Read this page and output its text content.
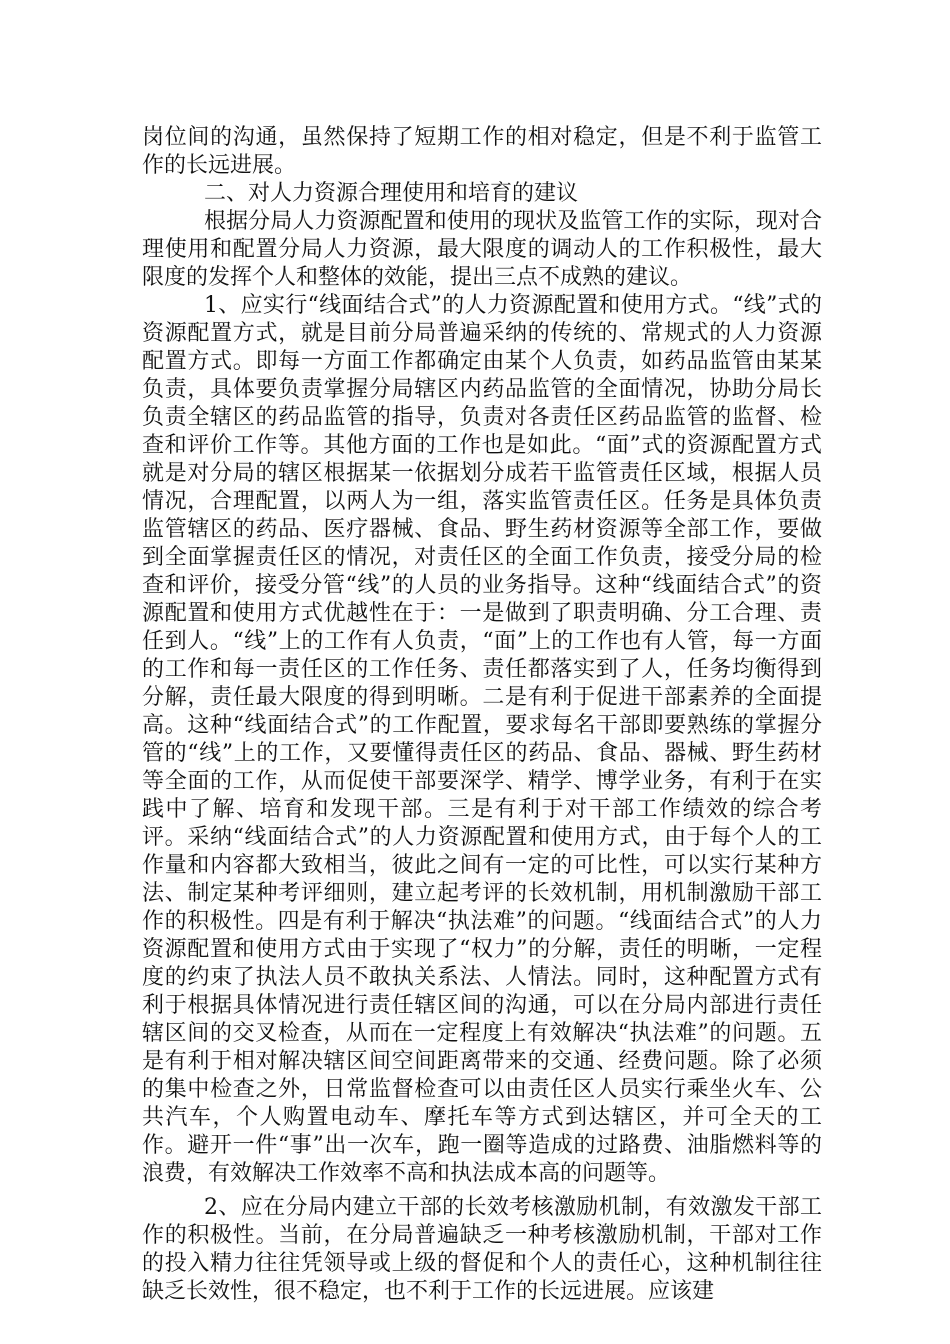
岗位间的沟通，虽然保持了短期工作的相对稳定，但是不利于监管工作的长远进展。

二、对人力资源合理使用和培育的建议

根据分局人力资源配置和使用的现状及监管工作的实际，现对合理使用和配置分局人力资源，最大限度的调动人的工作积极性，最大限度的发挥个人和整体的效能，提出三点不成熟的建议。

1、应实行“线面结合式”的人力资源配置和使用方式。“线”式的资源配置方式，就是目前分局普遍采纳的传统的、常规式的人力资源配置方式。即每一方面工作都确定由某个人负责，如药品监管由某某负责，具体要负责掌握分局辖区内药品监管的全面情况，协助分局长负责全辖区的药品监管的指导，负责对各责任区药品监管的监督、检查和评价工作等。其他方面的工作也是如此。“面”式的资源配置方式就是对分局的辖区根据某一依据划分成若干监管责任区域，根据人员情况，合理配置，以两人为一组，落实监管责任区。任务是具体负责监管辖区的药品、医疗器械、食品、野生药材资源等全部工作，要做到全面掌握责任区的情况，对责任区的全面工作负责，接受分局的检查和评价，接受分管“线”的人员的业务指导。这种“线面结合式”的资源配置和使用方式优越性在于：一是做到了职责明确、分工合理、责任到人。“线”上的工作有人负责，“面”上的工作也有人管，每一方面的工作和每一责任区的工作任务、责任都落实到了人，任务均衡得到分解，责任最大限度的得到明晰。二是有利于促进干部素养的全面提高。这种“线面结合式”的工作配置，要求每名干部即要熟练的掌握分管的“线”上的工作，又要懂得责任区的药品、食品、器械、野生药材等全面的工作，从而促使干部要深学、精学、博学业务，有利于在实践中了解、培育和发现干部。三是有利于对干部工作绩效的综合考评。采纳“线面结合式”的人力资源配置和使用方式，由于每个人的工作量和内容都大致相当，彼此之间有一定的可比性，可以实行某种方法、制定某种考评细则，建立起考评的长效机制，用机制激励干部工作的积极性。四是有利于解决“执法难”的问题。“线面结合式”的人力资源配置和使用方式由于实现了“权力”的分解，责任的明晰，一定程度的约束了执法人员不敢执关系法、人情法。同时，这种配置方式有利于根据具体情况进行责任辖区间的沟通，可以在分局内部进行责任辖区间的交叉检查，从而在一定程度上有效解决“执法难”的问题。五是有利于相对解决辖区间空间距离带来的交通、经费问题。除了必须的集中检查之外，日常监督检查可以由责任区人员实行乘坐火车、公共汽车，个人购置电动车、摩托车等方式到达辖区，并可全天的工作。避开一件“事”出一次车，跑一圈等造成的过路费、油脂燃料等的浪费，有效解决工作效率不高和执法成本高的问题等。

2、应在分局内建立干部的长效考核激励机制，有效激发干部工作的积极性。当前，在分局普遍缺乏一种考核激励机制，干部对工作的投入精力往往凭领导或上级的督促和个人的责任心，这种机制往往缺乏长效性，很不稳定，也不利于工作的长远进展。应该建
